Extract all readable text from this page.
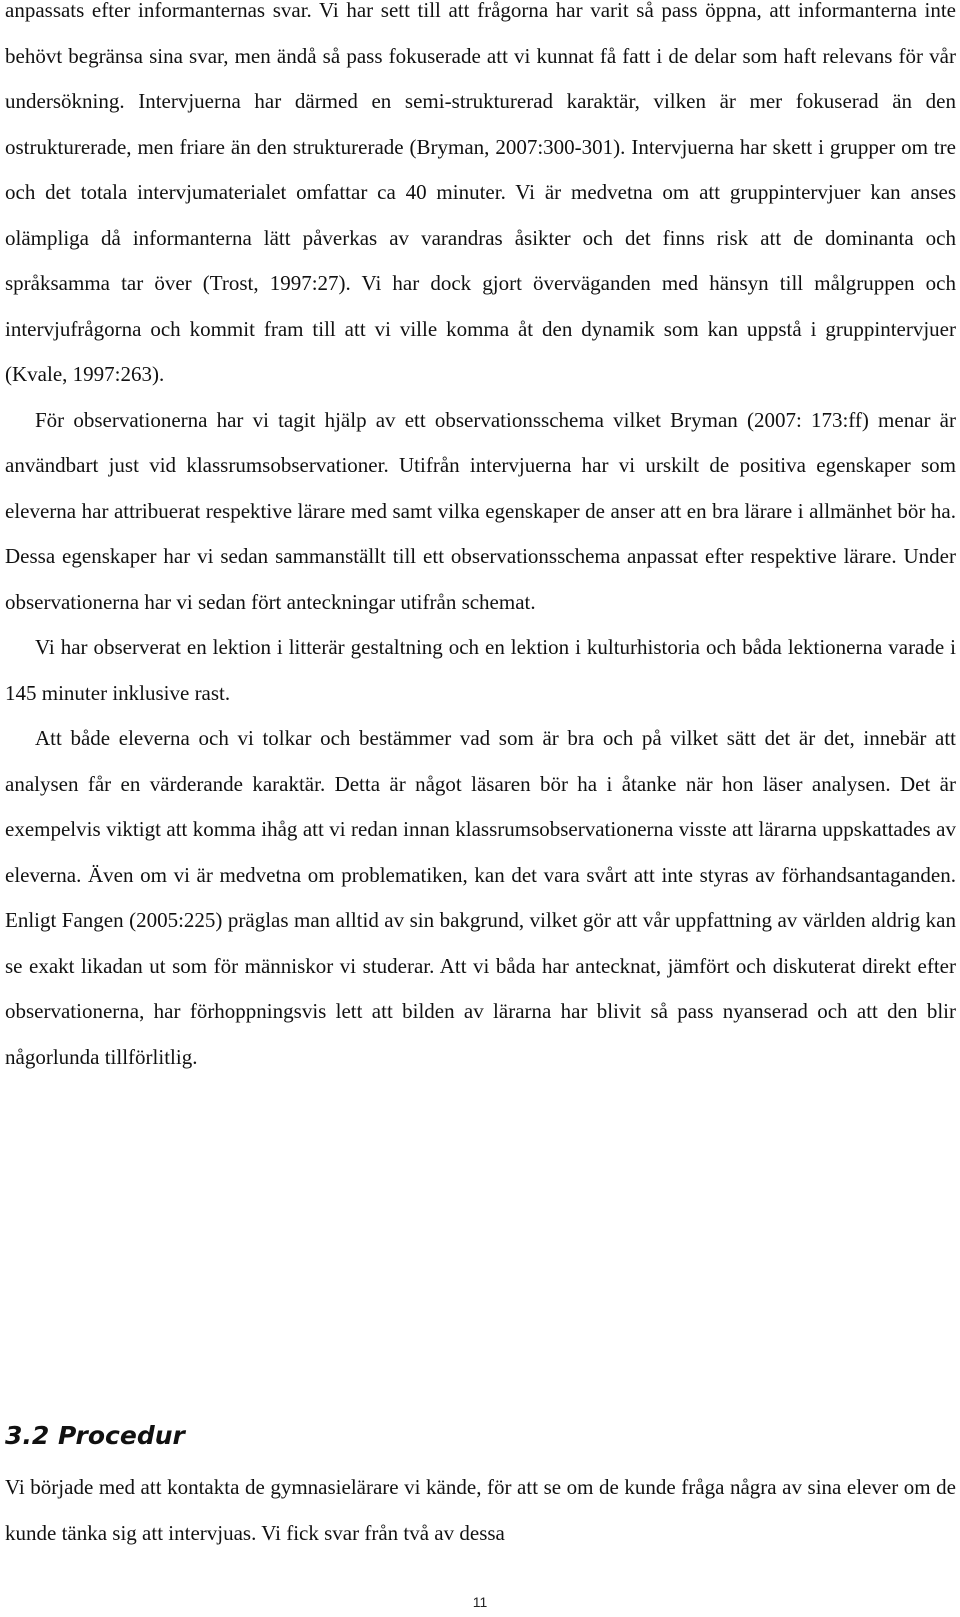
anpassats efter informanternas svar. Vi har sett till att frågorna har varit så pass öppna, att informanterna inte behövt begränsa sina svar, men ändå så pass fokuserade att vi kunnat få fatt i de delar som haft relevans för vår undersökning. Intervjuerna har därmed en semi-strukturerad karaktär, vilken är mer fokuserad än den ostrukturerade, men friare än den strukturerade (Bryman, 2007:300-301). Intervjuerna har skett i grupper om tre och det totala intervjumaterialet omfattar ca 40 minuter. Vi är medvetna om att gruppintervjuer kan anses olämpliga då informanterna lätt påverkas av varandras åsikter och det finns risk att de dominanta och språksamma tar över (Trost, 1997:27). Vi har dock gjort överväganden med hänsyn till målgruppen och intervjufrågorna och kommit fram till att vi ville komma åt den dynamik som kan uppstå i gruppintervjuer (Kvale, 1997:263).

För observationerna har vi tagit hjälp av ett observationsschema vilket Bryman (2007: 173:ff) menar är användbart just vid klassrumsobservationer. Utifrån intervjuerna har vi urskilt de positiva egenskaper som eleverna har attribuerat respektive lärare med samt vilka egenskaper de anser att en bra lärare i allmänhet bör ha. Dessa egenskaper har vi sedan sammanställt till ett observationsschema anpassat efter respektive lärare. Under observationerna har vi sedan fört anteckningar utifrån schemat.

Vi har observerat en lektion i litterär gestaltning och en lektion i kulturhistoria och båda lektionerna varade i 145 minuter inklusive rast.

Att både eleverna och vi tolkar och bestämmer vad som är bra och på vilket sätt det är det, innebär att analysen får en värderande karaktär. Detta är något läsaren bör ha i åtanke när hon läser analysen. Det är exempelvis viktigt att komma ihåg att vi redan innan klassrumsobservationerna visste att lärarna uppskattades av eleverna. Även om vi är medvetna om problematiken, kan det vara svårt att inte styras av förhandsantaganden. Enligt Fangen (2005:225) präglas man alltid av sin bakgrund, vilket gör att vår uppfattning av världen aldrig kan se exakt likadan ut som för människor vi studerar. Att vi båda har antecknat, jämfört och diskuterat direkt efter observationerna, har förhoppningsvis lett att bilden av lärarna har blivit så pass nyanserad och att den blir någorlunda tillförlitlig.

3.2 Procedur

Vi började med att kontakta de gymnasielärare vi kände, för att se om de kunde fråga några av sina elever om de kunde tänka sig att intervjuas. Vi fick svar från två av dessa

11
